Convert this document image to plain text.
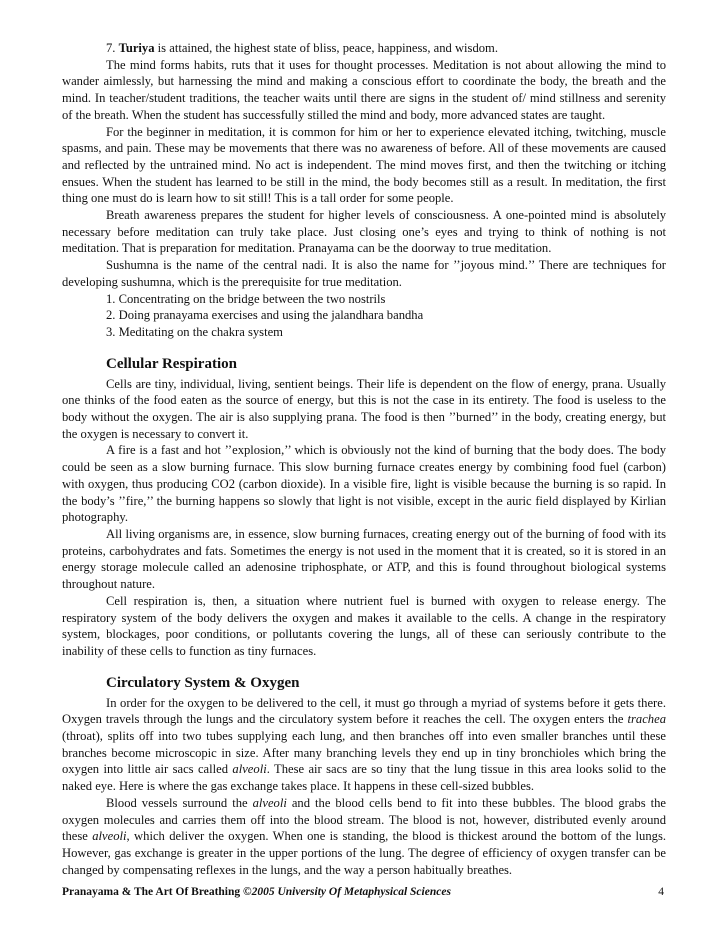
7. Turiya is attained, the highest state of bliss, peace, happiness, and wisdom.

The mind forms habits, ruts that it uses for thought processes. Meditation is not about allowing the mind to wander aimlessly, but harnessing the mind and making a conscious effort to coordinate the body, the breath and the mind. In teacher/student traditions, the teacher waits until there are signs in the student of/ mind stillness and serenity of the breath. When the student has successfully stilled the mind and body, more advanced states are taught.

For the beginner in meditation, it is common for him or her to experience elevated itching, twitching, muscle spasms, and pain. These may be movements that there was no awareness of before. All of these movements are caused and reflected by the untrained mind. No act is independent. The mind moves first, and then the twitching or itching ensues. When the student has learned to be still in the mind, the body becomes still as a result. In meditation, the first thing one must do is learn how to sit still! This is a tall order for some people.

Breath awareness prepares the student for higher levels of consciousness. A one-pointed mind is absolutely necessary before meditation can truly take place. Just closing one’s eyes and trying to think of nothing is not meditation. That is preparation for meditation. Pranayama can be the doorway to true meditation.

Sushumna is the name of the central nadi. It is also the name for ’’joyous mind.’’ There are techniques for developing sushumna, which is the prerequisite for true meditation.

1. Concentrating on the bridge between the two nostrils

2. Doing pranayama exercises and using the jalandhara bandha

3. Meditating on the chakra system

Cellular Respiration

Cells are tiny, individual, living, sentient beings. Their life is dependent on the flow of energy, prana. Usually one thinks of the food eaten as the source of energy, but this is not the case in its entirety. The food is useless to the body without the oxygen. The air is also supplying prana. The food is then ’’burned’’ in the body, creating energy, but the oxygen is necessary to convert it.

A fire is a fast and hot ’’explosion,’’ which is obviously not the kind of burning that the body does. The body could be seen as a slow burning furnace. This slow burning furnace creates energy by combining food fuel (carbon) with oxygen, thus producing CO2 (carbon dioxide). In a visible fire, light is visible because the burning is so rapid. In the body’s ’’fire,’’ the burning happens so slowly that light is not visible, except in the auric field displayed by Kirlian photography.

All living organisms are, in essence, slow burning furnaces, creating energy out of the burning of food with its proteins, carbohydrates and fats. Sometimes the energy is not used in the moment that it is created, so it is stored in an energy storage molecule called an adenosine triphosphate, or ATP, and this is found throughout biological systems throughout nature.

Cell respiration is, then, a situation where nutrient fuel is burned with oxygen to release energy. The respiratory system of the body delivers the oxygen and makes it available to the cells. A change in the respiratory system, blockages, poor conditions, or pollutants covering the lungs, all of these can seriously contribute to the inability of these cells to function as tiny furnaces.

Circulatory System & Oxygen

In order for the oxygen to be delivered to the cell, it must go through a myriad of systems before it gets there. Oxygen travels through the lungs and the circulatory system before it reaches the cell. The oxygen enters the trachea (throat), splits off into two tubes supplying each lung, and then branches off into even smaller branches until these branches become microscopic in size. After many branching levels they end up in tiny bronchioles which bring the oxygen into little air sacs called alveoli. These air sacs are so tiny that the lung tissue in this area looks solid to the naked eye. Here is where the gas exchange takes place. It happens in these cell-sized bubbles.

Blood vessels surround the alveoli and the blood cells bend to fit into these bubbles. The blood grabs the oxygen molecules and carries them off into the blood stream. The blood is not, however, distributed evenly around these alveoli, which deliver the oxygen. When one is standing, the blood is thickest around the bottom of the lungs. However, gas exchange is greater in the upper portions of the lung. The degree of efficiency of oxygen transfer can be changed by compensating reflexes in the lungs, and the way a person habitually breathes.

Pranayama & The Art Of Breathing ©2005 University Of Metaphysical Sciences	4
